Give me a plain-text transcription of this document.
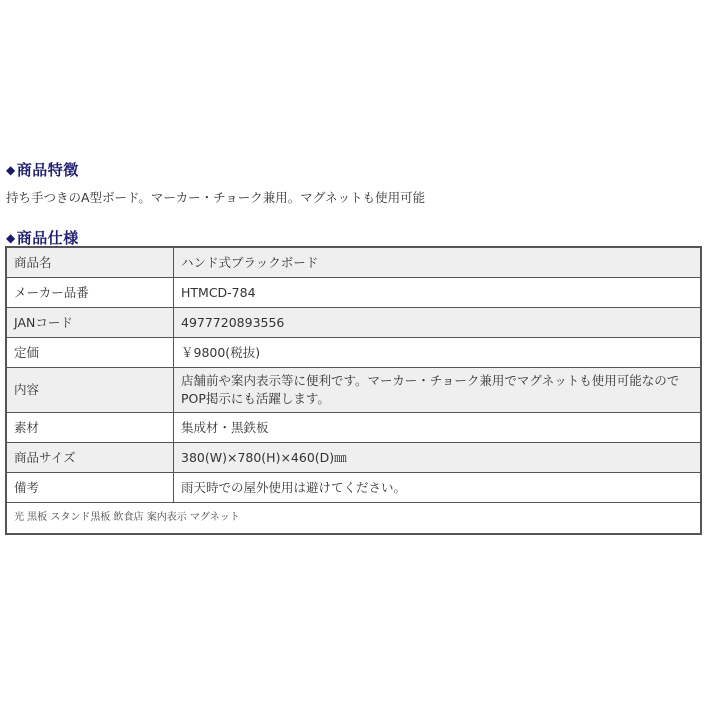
◆商品特徴
持ち手つきのA型ボード。マーカー・チョーク兼用。マグネットも使用可能
◆商品仕様
商品名	ハンド式ブラックボード
メーカー品番	HTMCD-784
JANコード	4977720893556
定価	￥9800(税抜)
内容	店舗前や案内表示等に便利です。マーカー・チョーク兼用でマグネットも使用可能なのでPOP掲示にも活躍します。
素材	集成材・黒鉄板
商品サイズ	380(W)×780(H)×460(D)㎜
備考	雨天時での屋外使用は避けてください。
光 黒板 スタンド黒板 飲食店 案内表示 マグネット	
